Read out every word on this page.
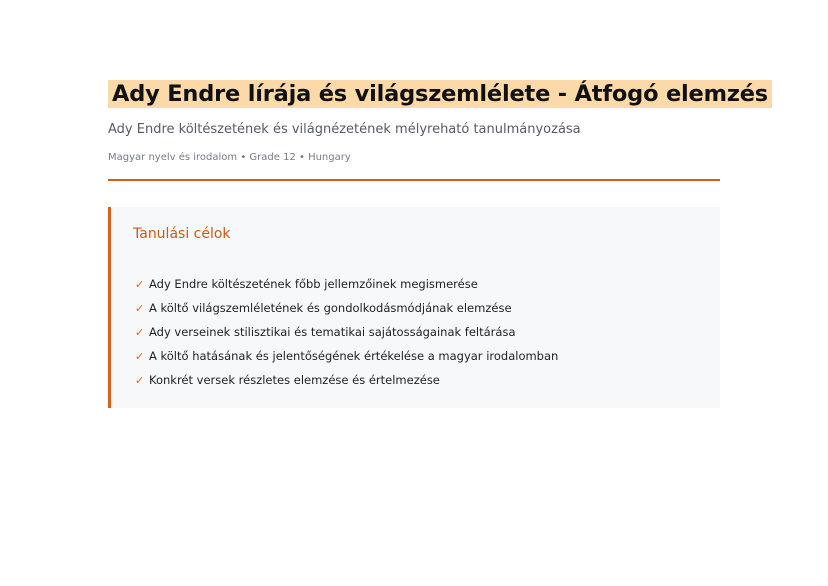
Ady Endre lírája és világszemlélete - Átfogó elemzés

Ady Endre költészetének és világnézetének mélyreható tanulmányozása

Magyar nyelv és irodalom • Grade 12 • Hungary

Tanulási célok
✓ Ady Endre költészetének főbb jellemzőinek megismerése
✓ A költő világszemléletének és gondolkodásmódjának elemzése
✓ Ady verseinek stilisztikai és tematikai sajátosságainak feltárása
✓ A költő hatásának és jelentőségének értékelése a magyar irodalomban
✓ Konkrét versek részletes elemzése és értelmezése
